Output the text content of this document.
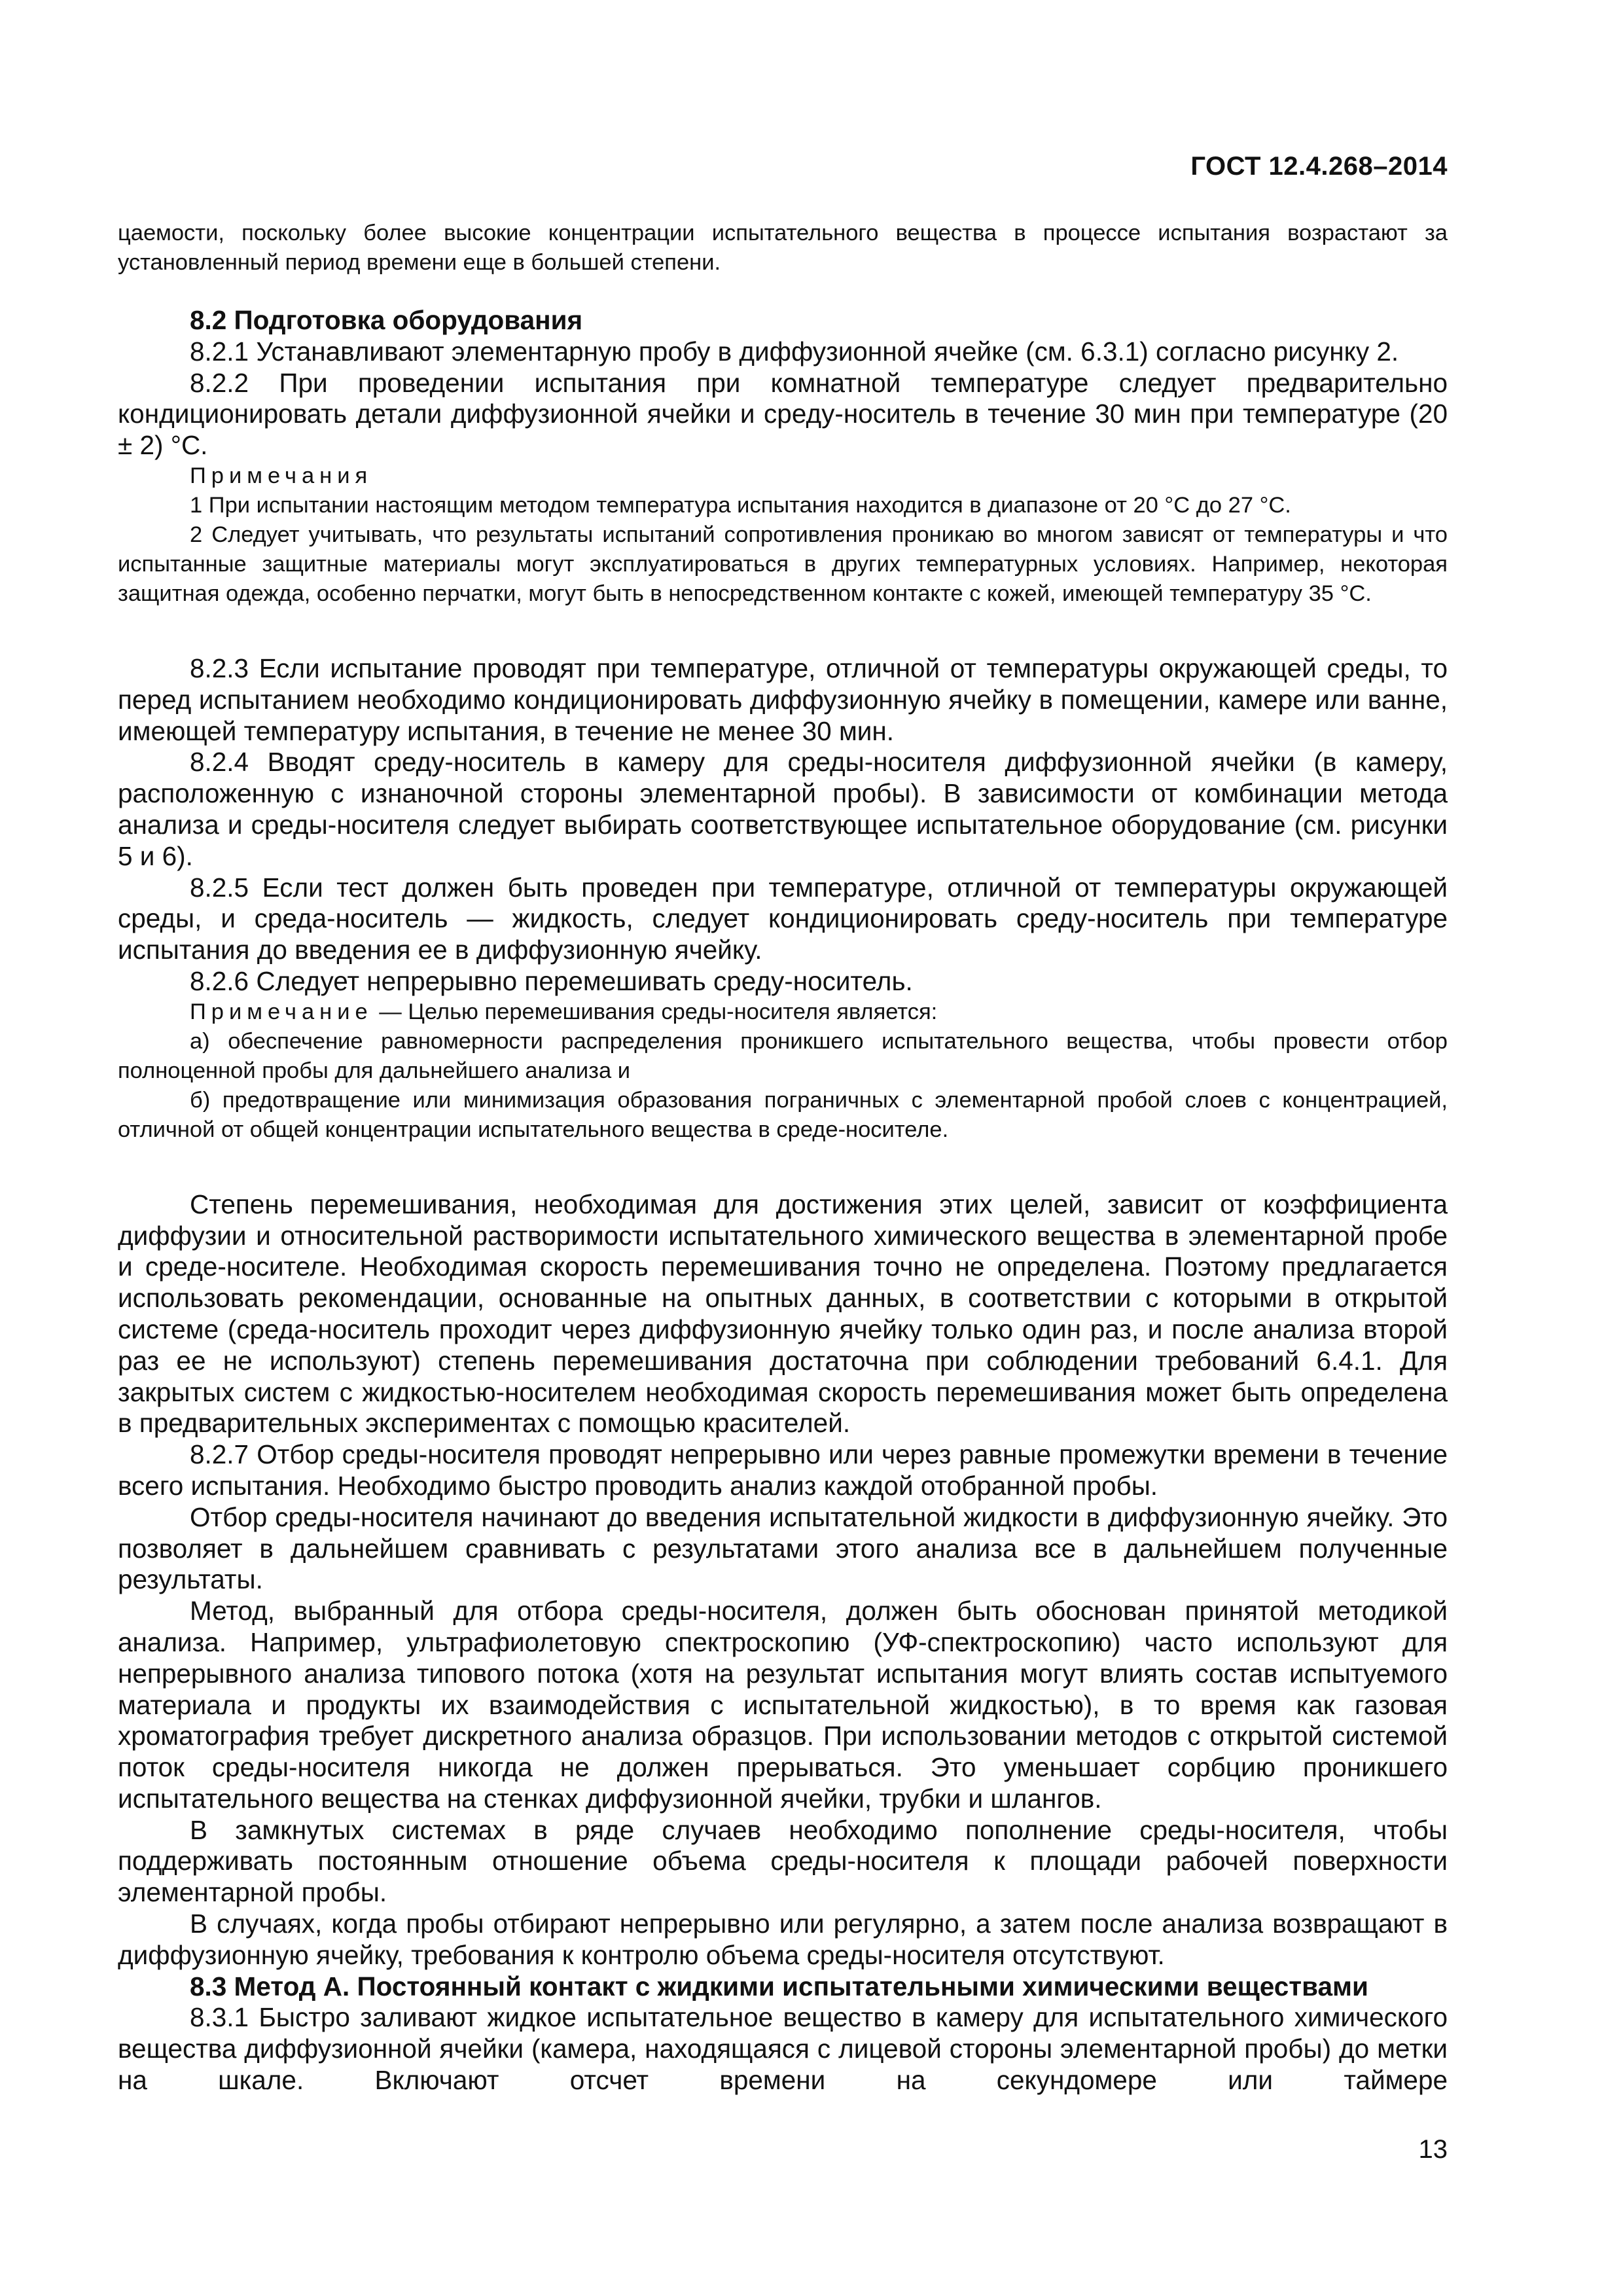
ГОСТ 12.4.268–2014

цаемости, поскольку более высокие концентрации испытательного вещества в процессе испытания возрастают за установленный период времени еще в большей степени.

8.2 Подготовка оборудования

8.2.1 Устанавливают элементарную пробу в диффузионной ячейке (см. 6.3.1) согласно рисунку 2.

8.2.2 При проведении испытания при комнатной температуре следует предварительно кондиционировать детали диффузионной ячейки и среду-носитель в течение 30 мин при температуре (20 ± 2) °С.

Примечания

1 При испытании настоящим методом температура испытания находится в диапазоне от 20 °С до 27 °С.

2 Следует учитывать, что результаты испытаний сопротивления проникаю во многом зависят от температуры и что испытанные защитные материалы могут эксплуатироваться в других температурных условиях. Например, некоторая защитная одежда, особенно перчатки, могут быть в непосредственном контакте с кожей, имеющей температуру 35 °С.

8.2.3 Если испытание проводят при температуре, отличной от температуры окружающей среды, то перед испытанием необходимо кондиционировать диффузионную ячейку в помещении, камере или ванне, имеющей температуру испытания, в течение не менее 30 мин.

8.2.4 Вводят среду-носитель в камеру для среды-носителя диффузионной ячейки (в камеру, расположенную с изнаночной стороны элементарной пробы). В зависимости от комбинации метода анализа и среды-носителя следует выбирать соответствующее испытательное оборудование (см. рисунки 5 и 6).

8.2.5 Если тест должен быть проведен при температуре, отличной от температуры окружающей среды, и среда-носитель — жидкость, следует кондиционировать среду-носитель при температуре испытания до введения ее в диффузионную ячейку.

8.2.6 Следует непрерывно перемешивать среду-носитель.

Примечание — Целью перемешивания среды-носителя является:

а) обеспечение равномерности распределения проникшего испытательного вещества, чтобы провести отбор полноценной пробы для дальнейшего анализа и

б) предотвращение или минимизация образования пограничных с элементарной пробой слоев с концентрацией, отличной от общей концентрации испытательного вещества в среде-носителе.

Степень перемешивания, необходимая для достижения этих целей, зависит от коэффициента диффузии и относительной растворимости испытательного химического вещества в элементарной пробе и среде-носителе. Необходимая скорость перемешивания точно не определена. Поэтому предлагается использовать рекомендации, основанные на опытных данных, в соответствии с которыми в открытой системе (среда-носитель проходит через диффузионную ячейку только один раз, и после анализа второй раз ее не используют) степень перемешивания достаточна при соблюдении требований 6.4.1. Для закрытых систем с жидкостью-носителем необходимая скорость перемешивания может быть определена в предварительных экспериментах с помощью красителей.

8.2.7 Отбор среды-носителя проводят непрерывно или через равные промежутки времени в течение всего испытания. Необходимо быстро проводить анализ каждой отобранной пробы.

Отбор среды-носителя начинают до введения испытательной жидкости в диффузионную ячейку. Это позволяет в дальнейшем сравнивать с результатами этого анализа все в дальнейшем полученные результаты.

Метод, выбранный для отбора среды-носителя, должен быть обоснован принятой методикой анализа. Например, ультрафиолетовую спектроскопию (УФ-спектроскопию) часто используют для непрерывного анализа типового потока (хотя на результат испытания могут влиять состав испытуемого материала и продукты их взаимодействия с испытательной жидкостью), в то время как газовая хроматография требует дискретного анализа образцов. При использовании методов с открытой системой поток среды-носителя никогда не должен прерываться. Это уменьшает сорбцию проникшего испытательного вещества на стенках диффузионной ячейки, трубки и шлангов.

В замкнутых системах в ряде случаев необходимо пополнение среды-носителя, чтобы поддерживать постоянным отношение объема среды-носителя к площади рабочей поверхности элементарной пробы.

В случаях, когда пробы отбирают непрерывно или регулярно, а затем после анализа возвращают в диффузионную ячейку, требования к контролю объема среды-носителя отсутствуют.

8.3 Метод А. Постоянный контакт с жидкими испытательными химическими веществами

8.3.1 Быстро заливают жидкое испытательное вещество в камеру для испытательного химического вещества диффузионной ячейки (камера, находящаяся с лицевой стороны элементарной пробы) до метки на шкале. Включают отсчет времени на секундомере или таймере

13
